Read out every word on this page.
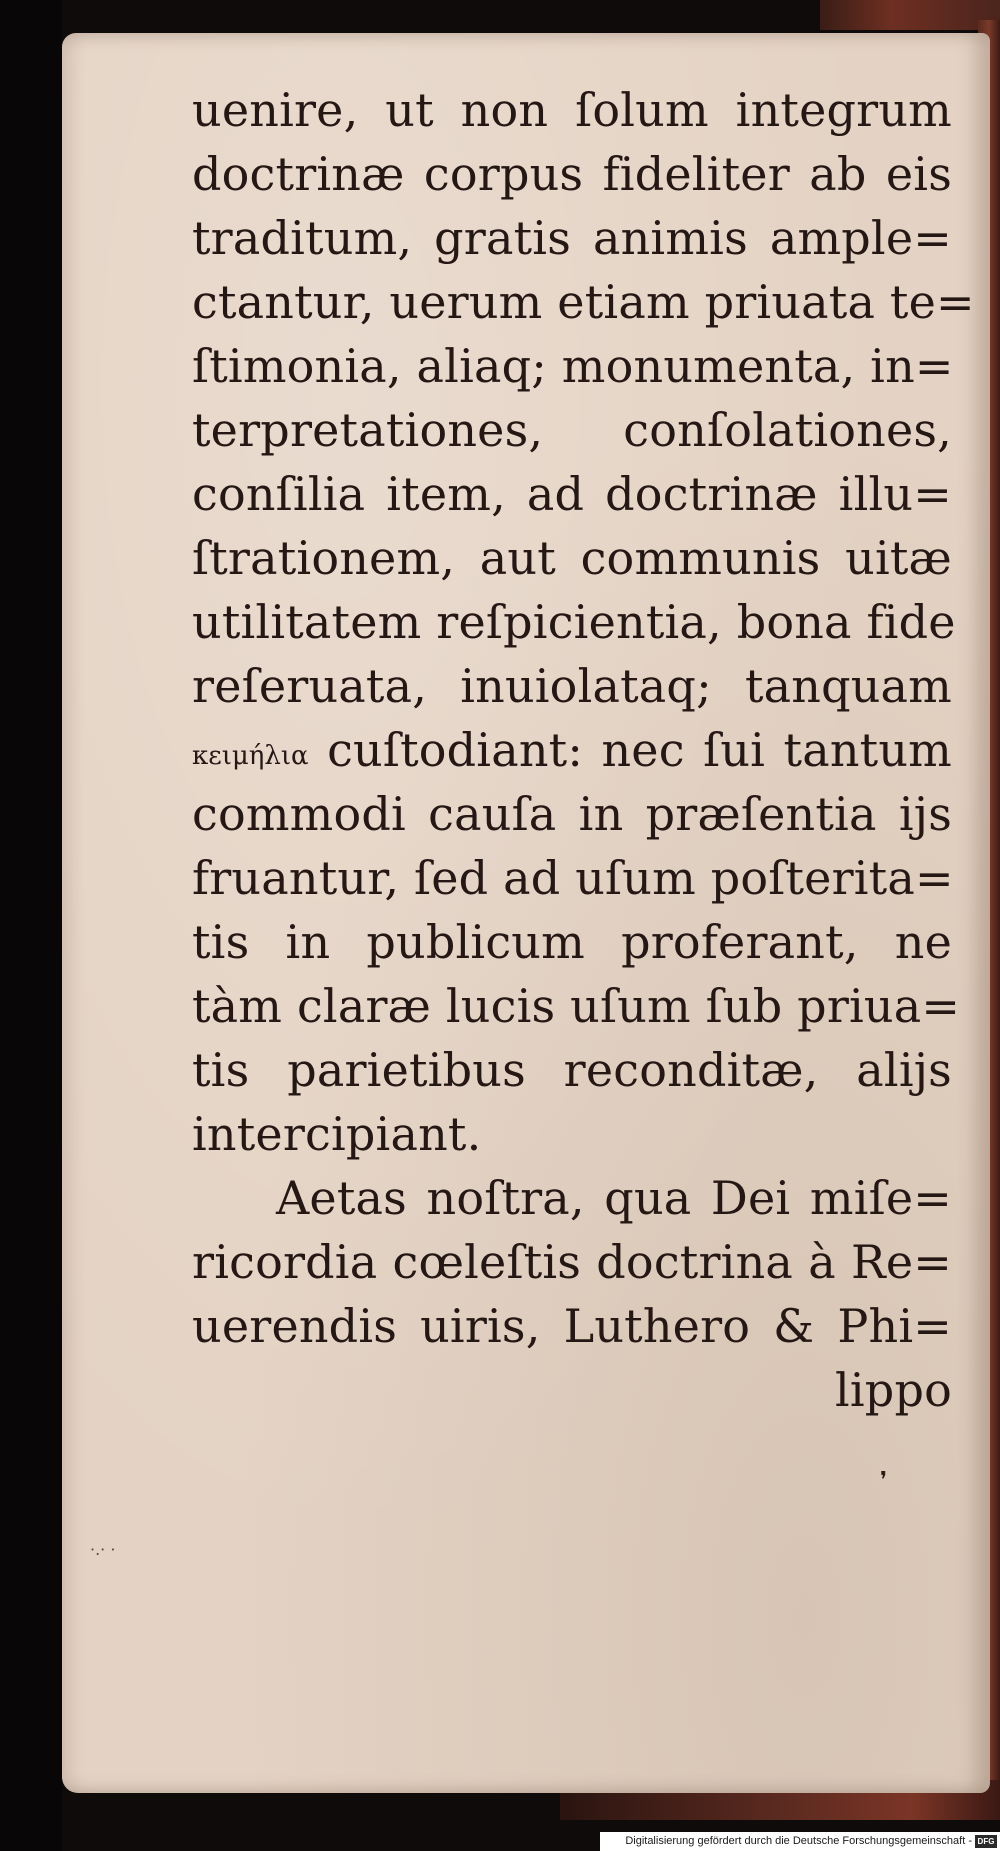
uenire, ut non ſolum integrum
doctrinæ corpus fideliter ab eis
traditum, gratis animis ample=
ctantur, uerum etiam priuata te=
ſtimonia, aliaq; monumenta, in=
terpretationes, conſolationes,
conſilia item, ad doctrinæ illu=
ſtrationem, aut communis uitæ
utilitatem reſpicientia, bona fide
reſeruata, inuiolataq; tanquam
κειμήλια cuſtodiant: nec ſui tantum
commodi cauſa in præſentia ijs
fruantur, ſed ad uſum poſterita=
tis in publicum proferant, ne
tàm claræ lucis uſum ſub priua=
tis parietibus reconditæ, alijs
intercipiant.
Aetas noſtra, qua Dei miſe=
ricordia cœleſtis doctrina à Re=
uerendis uiris, Luthero & Phi=
lippo
❜
·.· ·
Digitalisierung gefördert durch die Deutsche Forschungsgemeinschaft - DFG
